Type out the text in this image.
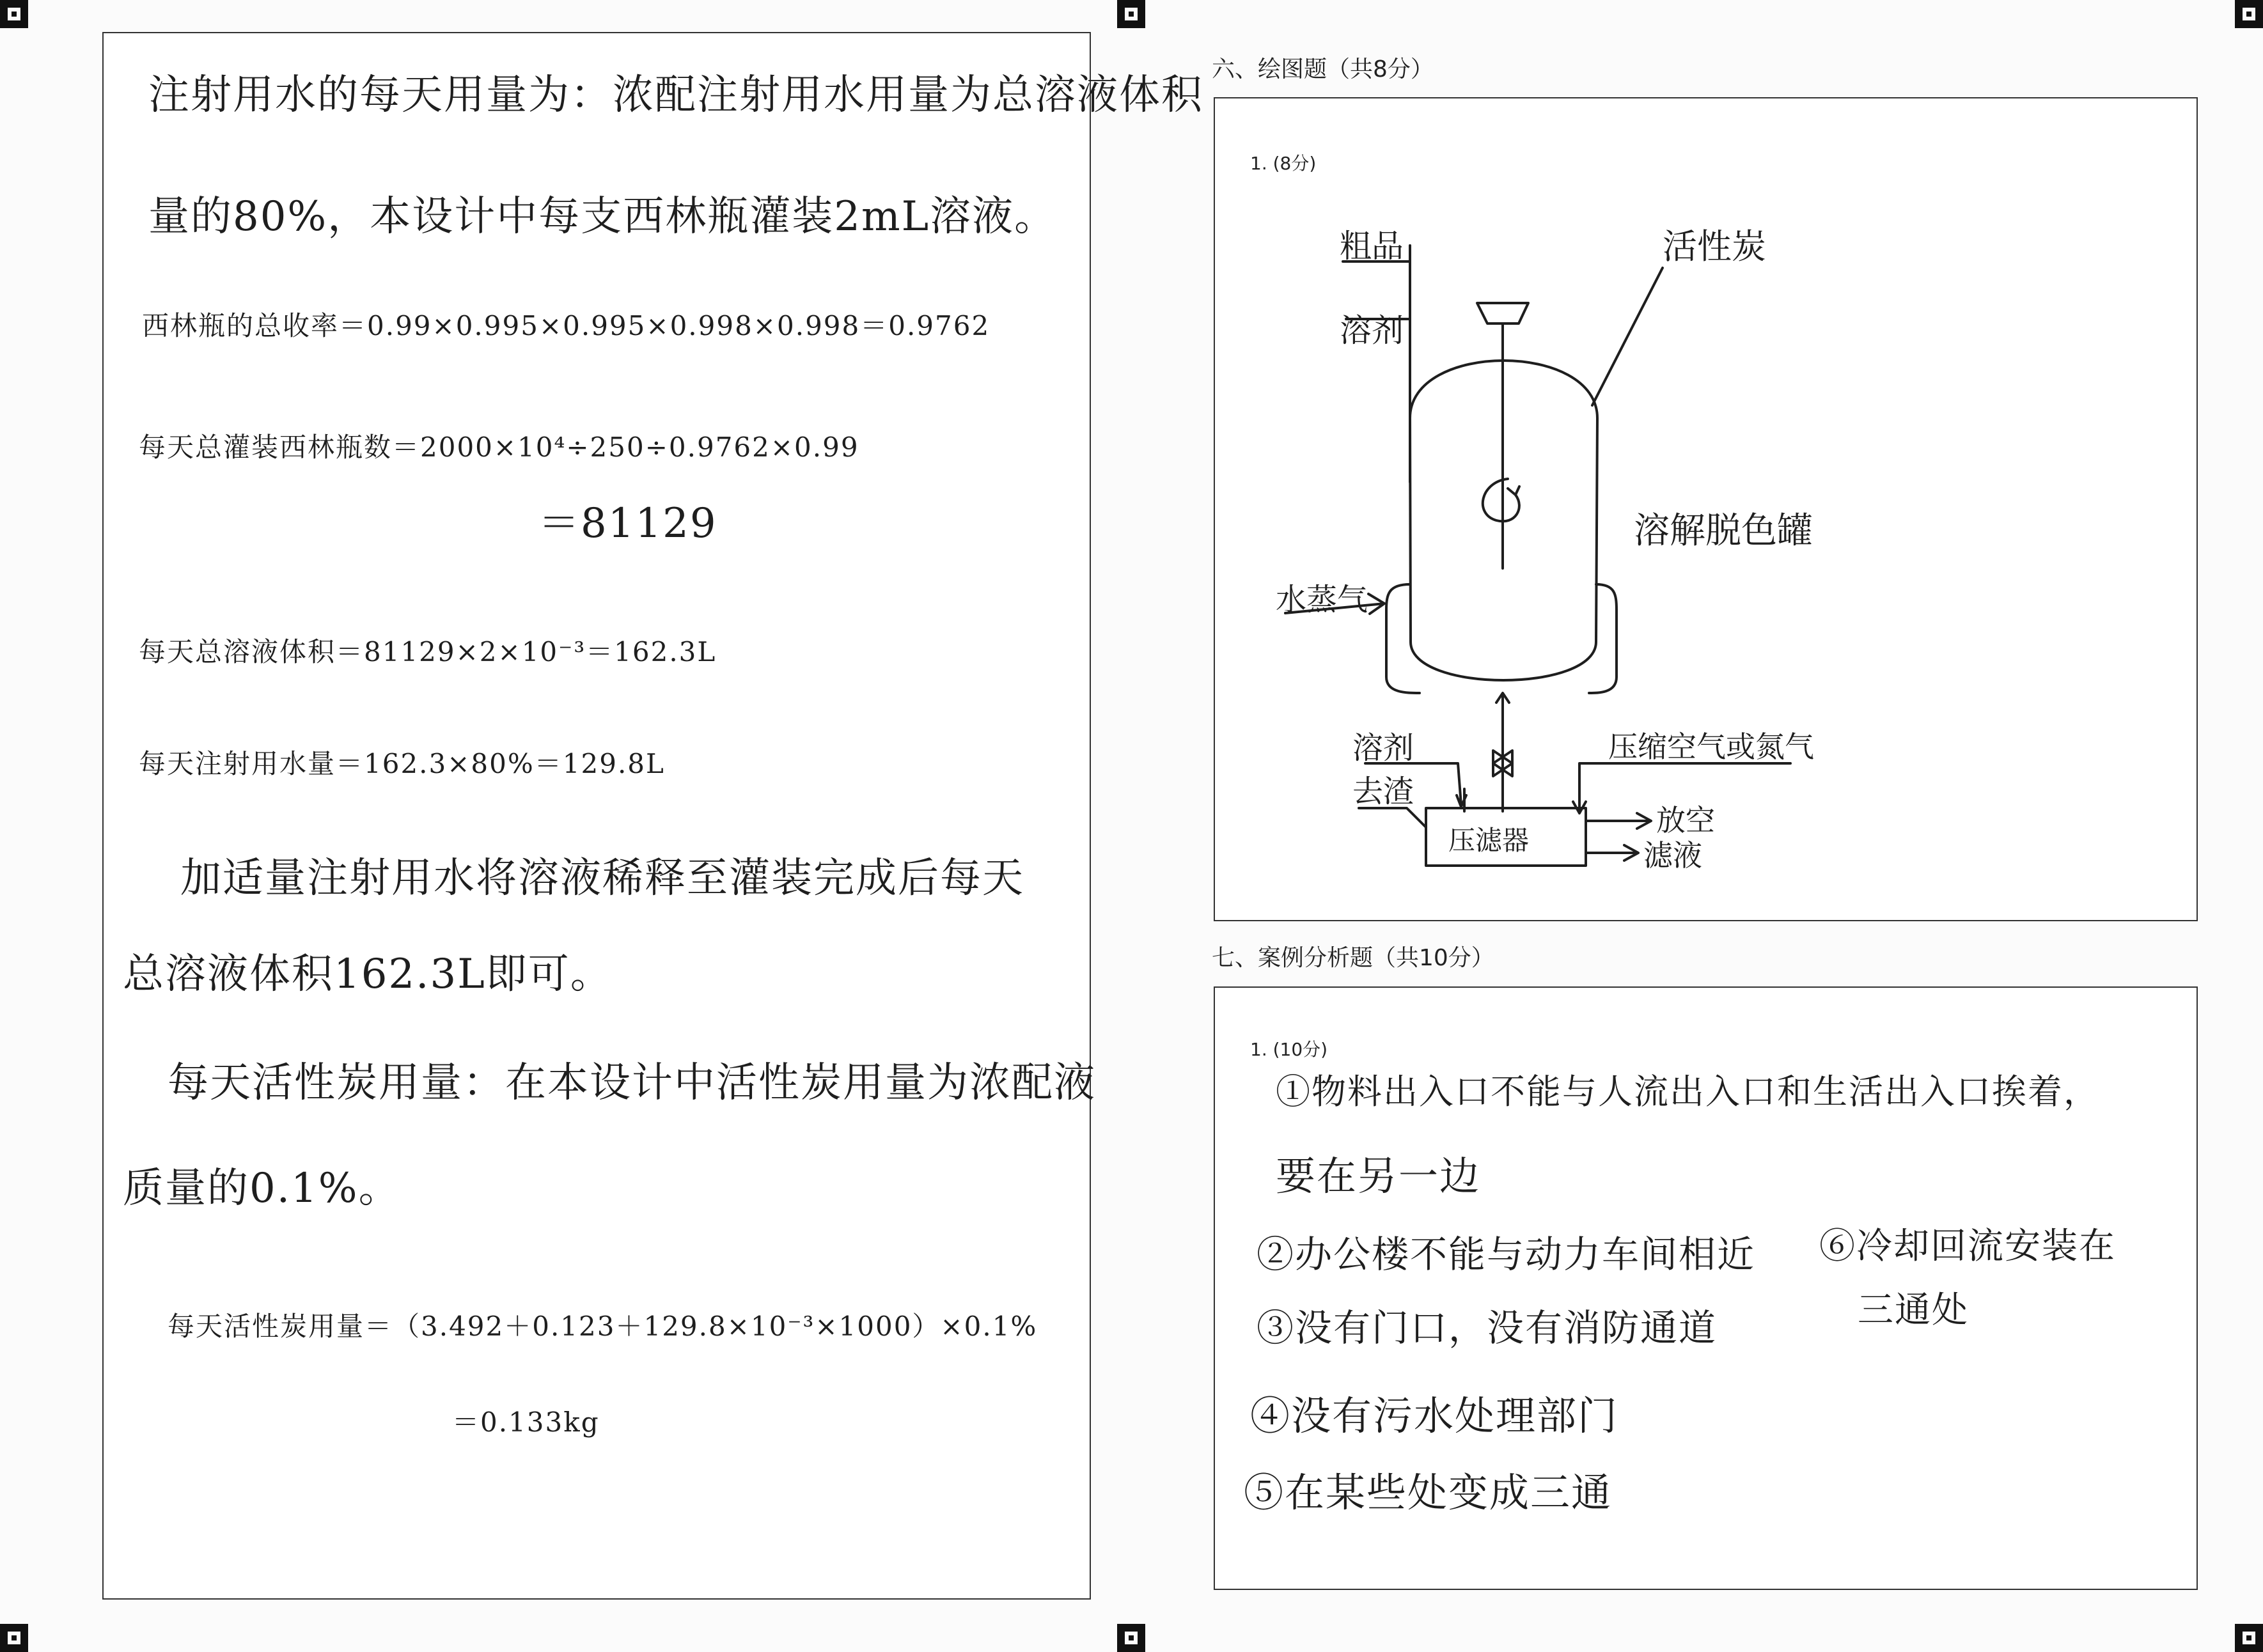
注射用水的每天用量为：浓配注射用水用量为总溶液体积
量的80%，本设计中每支西林瓶灌装2mL溶液。
西林瓶的总收率＝0.99×0.995×0.995×0.998×0.998＝0.9762
每天总灌装西林瓶数＝2000×10⁴÷250÷0.9762×0.99
＝81129
每天总溶液体积＝81129×2×10⁻³＝162.3L
每天注射用水量＝162.3×80%＝129.8L
加适量注射用水将溶液稀释至灌装完成后每天
总溶液体积162.3L即可。
每天活性炭用量：在本设计中活性炭用量为浓配液
质量的0.1%。
每天活性炭用量＝（3.492＋0.123＋129.8×10⁻³×1000）×0.1%
＝0.133kg
六、绘图题（共8分）
1. (8分)
粗品
溶剂
活性炭
溶解脱色罐
水蒸气
溶剂
去渣
压缩空气或氮气
压滤器
放空
滤液
七、案例分析题（共10分）
1. (10分)
①物料出入口不能与人流出入口和生活出入口挨着，
要在另一边
②办公楼不能与动力车间相近
③没有门口，没有消防通道
④没有污水处理部门
⑤在某些处变成三通
⑥冷却回流安装在
三通处
